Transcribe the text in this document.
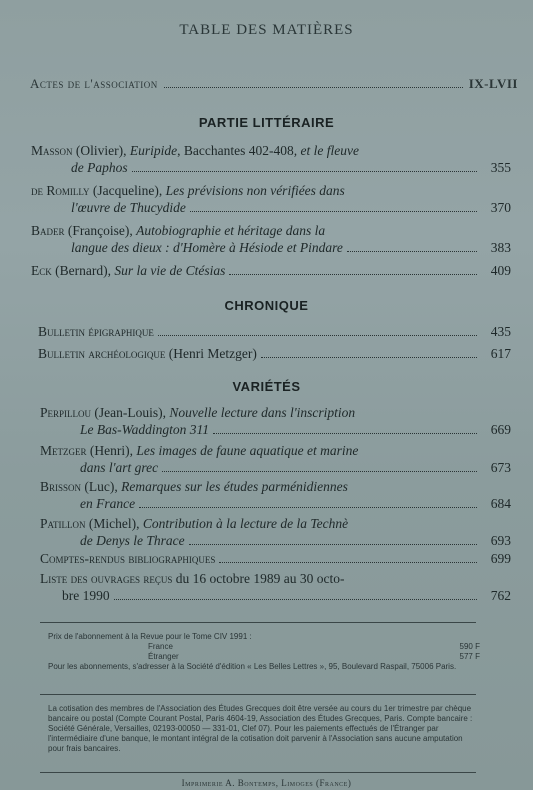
TABLE DES MATIÈRES
Actes de l'association	IX-LVII
PARTIE LITTÉRAIRE
Masson (Olivier), Euripide, Bacchantes 402-408, et le fleuve
de Paphos	355
de Romilly (Jacqueline), Les prévisions non vérifiées dans
l'œuvre de Thucydide	370
Bader (Françoise), Autobiographie et héritage dans la
langue des dieux : d'Homère à Hésiode et Pindare	383
Eck (Bernard), Sur la vie de Ctésias	409
CHRONIQUE
Bulletin épigraphique	435
Bulletin archéologique (Henri Metzger)	617
VARIÉTÉS
Perpillou (Jean-Louis), Nouvelle lecture dans l'inscription
Le Bas-Waddington 311	669
Metzger (Henri), Les images de faune aquatique et marine
dans l'art grec	673
Brisson (Luc), Remarques sur les études parménidiennes
en France	684
Patillon (Michel), Contribution à la lecture de la Technè
de Denys le Thrace	693
Comptes-rendus bibliographiques	699
Liste des ouvrages reçus du 16 octobre 1989 au 30 octo-
bre 1990	762
Prix de l'abonnement à la Revue pour le Tome CIV 1991 :
France	590 F
Étranger	577 F
Pour les abonnements, s'adresser à la Société d'édition « Les Belles Lettres », 95, Boulevard Raspail, 75006 Paris.
La cotisation des membres de l'Association des Études Grecques doit être versée au cours du 1er trimestre par chèque bancaire ou postal (Compte Courant Postal, Paris 4604-19, Association des Études Grecques, Paris. Compte bancaire : Société Générale, Versailles, 02193-00050 — 331-01, Clef 07). Pour les paiements effectués de l'Étranger par l'intermédiaire d'une banque, le montant intégral de la cotisation doit parvenir à l'Association sans aucune amputation pour frais bancaires.
Imprimerie A. Bontemps, Limoges (France)
